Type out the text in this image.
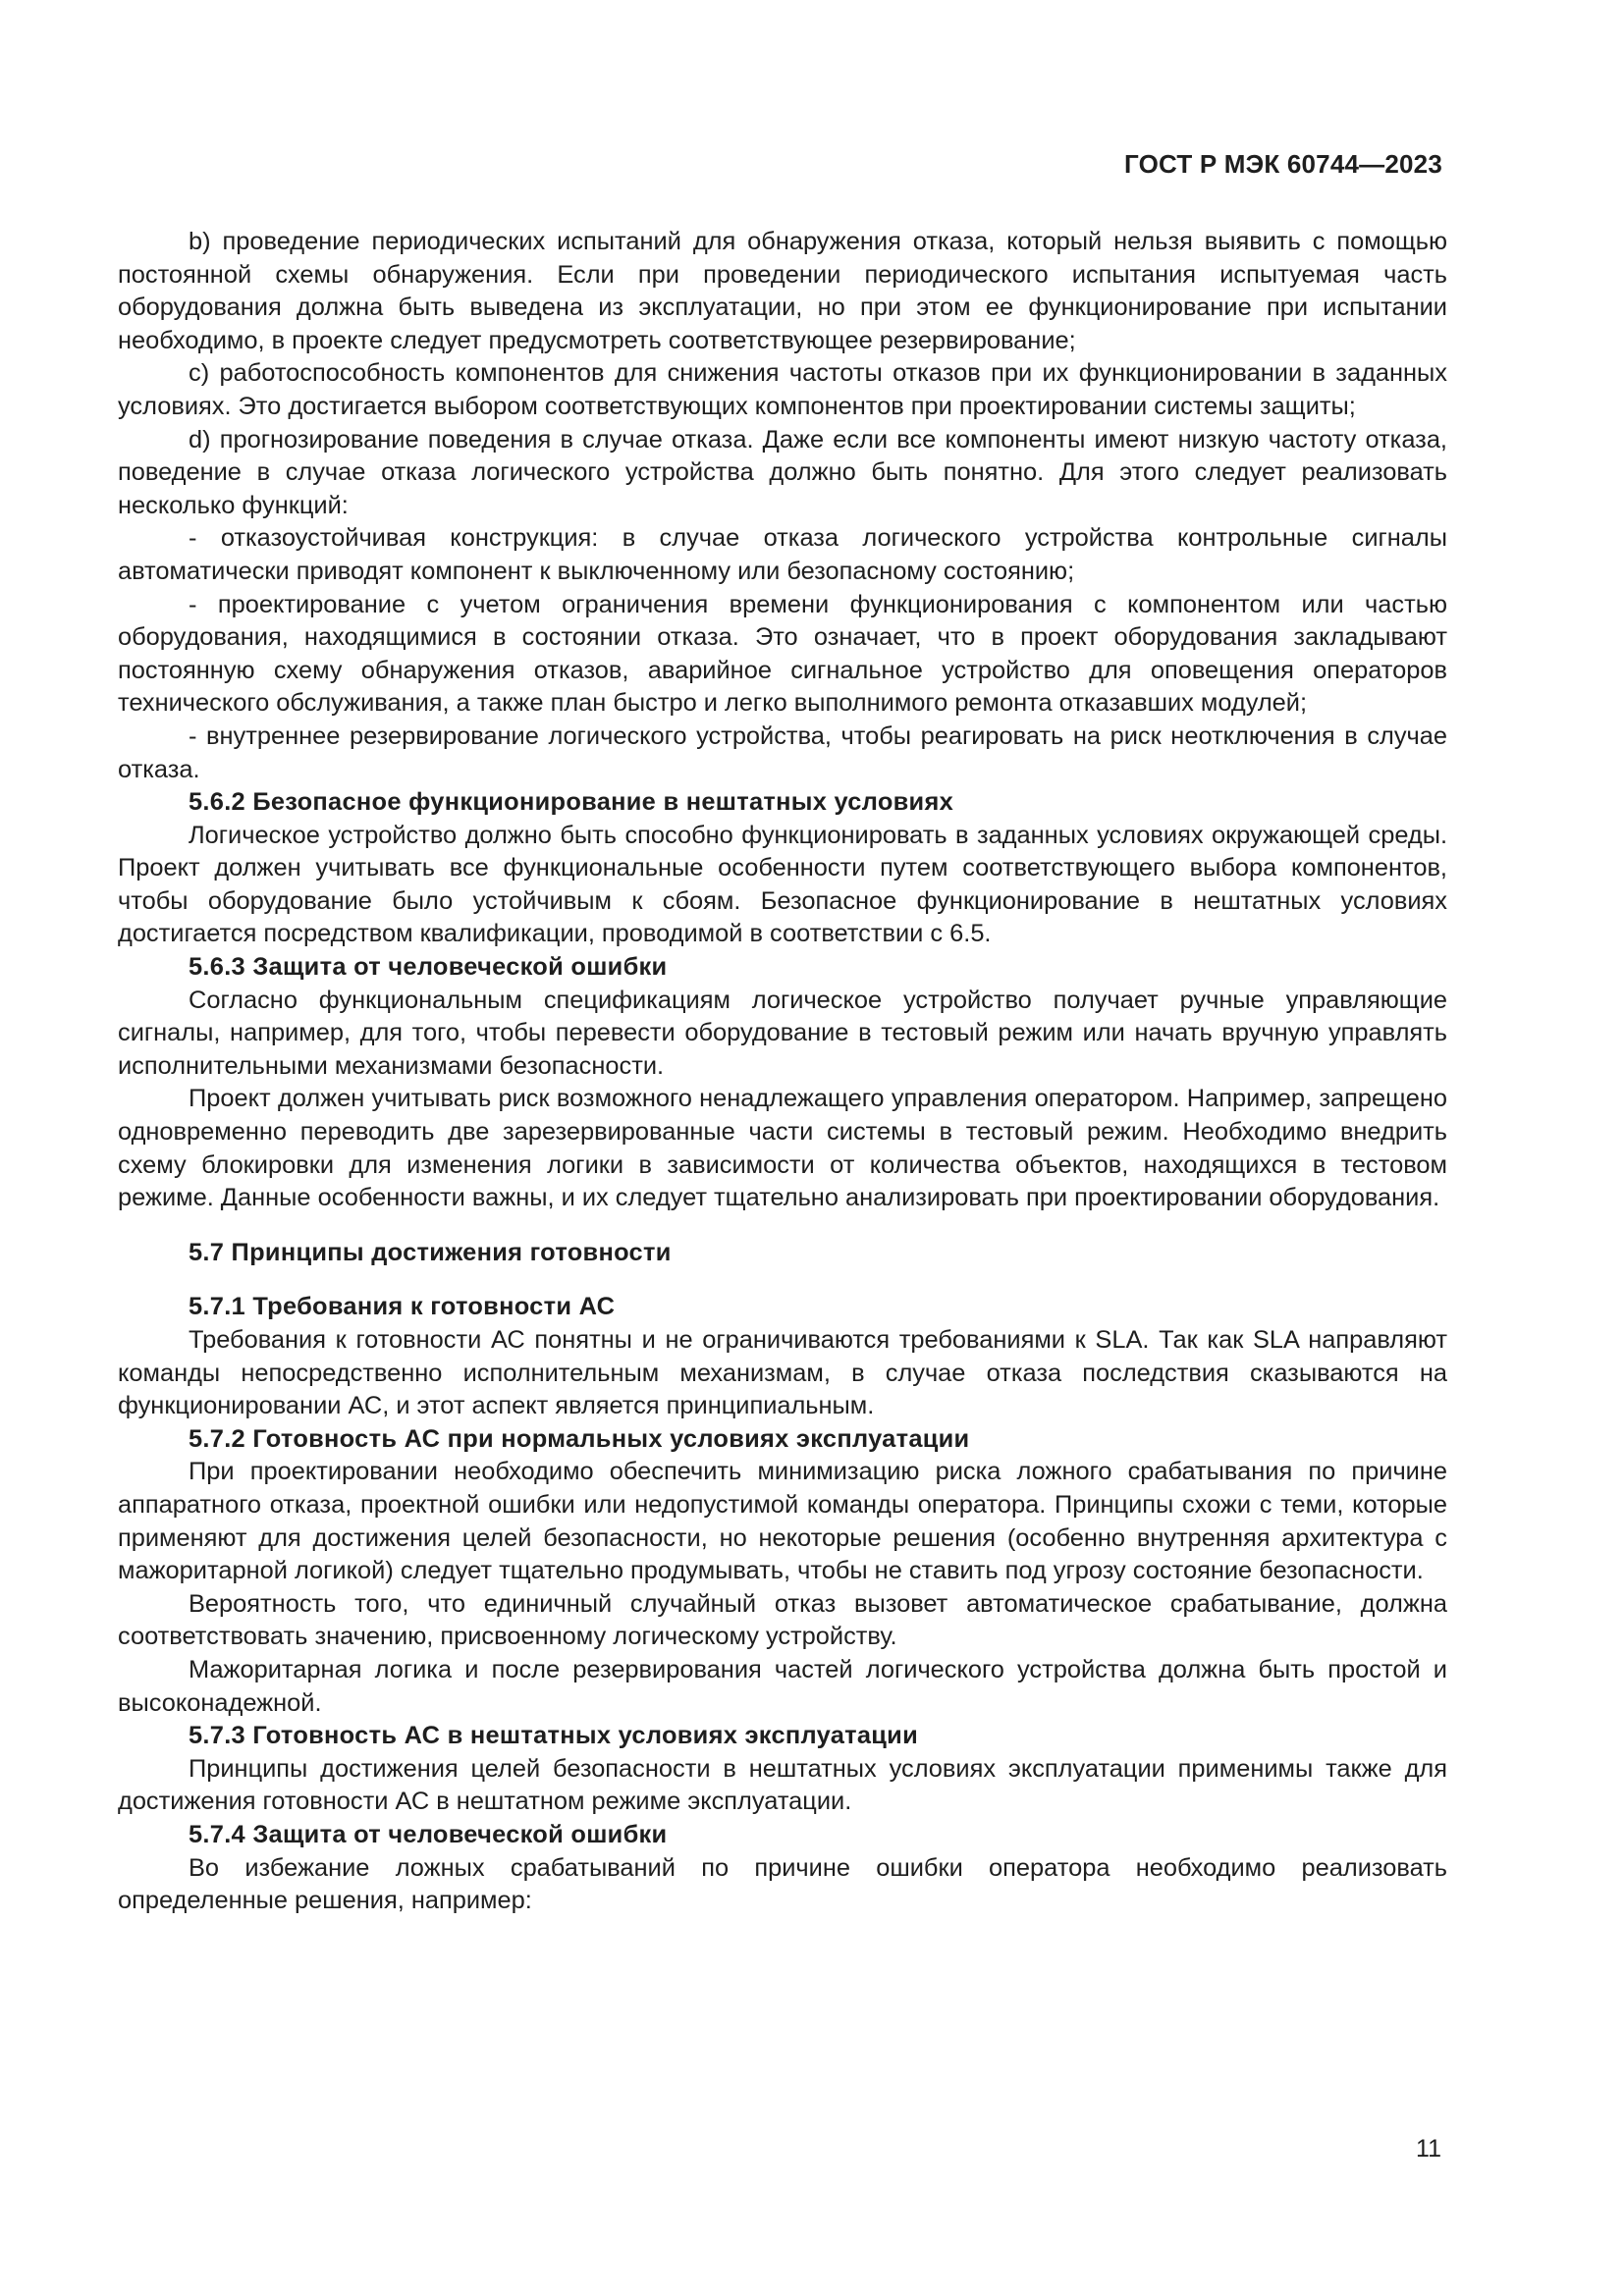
ГОСТ Р МЭК 60744—2023

b) проведение периодических испытаний для обнаружения отказа, который нельзя выявить с помощью постоянной схемы обнаружения. Если при проведении периодического испытания испытуемая часть оборудования должна быть выведена из эксплуатации, но при этом ее функционирование при испытании необходимо, в проекте следует предусмотреть соответствующее резервирование;

c) работоспособность компонентов для снижения частоты отказов при их функционировании в заданных условиях. Это достигается выбором соответствующих компонентов при проектировании системы защиты;

d) прогнозирование поведения в случае отказа. Даже если все компоненты имеют низкую частоту отказа, поведение в случае отказа логического устройства должно быть понятно. Для этого следует реализовать несколько функций:

- отказоустойчивая конструкция: в случае отказа логического устройства контрольные сигналы автоматически приводят компонент к выключенному или безопасному состоянию;

- проектирование с учетом ограничения времени функционирования с компонентом или частью оборудования, находящимися в состоянии отказа. Это означает, что в проект оборудования закладывают постоянную схему обнаружения отказов, аварийное сигнальное устройство для оповещения операторов технического обслуживания, а также план быстро и легко выполнимого ремонта отказавших модулей;

- внутреннее резервирование логического устройства, чтобы реагировать на риск неотключения в случае отказа.

5.6.2 Безопасное функционирование в нештатных условиях

Логическое устройство должно быть способно функционировать в заданных условиях окружающей среды. Проект должен учитывать все функциональные особенности путем соответствующего выбора компонентов, чтобы оборудование было устойчивым к сбоям. Безопасное функционирование в нештатных условиях достигается посредством квалификации, проводимой в соответствии с 6.5.

5.6.3 Защита от человеческой ошибки

Согласно функциональным спецификациям логическое устройство получает ручные управляющие сигналы, например, для того, чтобы перевести оборудование в тестовый режим или начать вручную управлять исполнительными механизмами безопасности.

Проект должен учитывать риск возможного ненадлежащего управления оператором. Например, запрещено одновременно переводить две зарезервированные части системы в тестовый режим. Необходимо внедрить схему блокировки для изменения логики в зависимости от количества объектов, находящихся в тестовом режиме. Данные особенности важны, и их следует тщательно анализировать при проектировании оборудования.

5.7 Принципы достижения готовности

5.7.1 Требования к готовности АС

Требования к готовности АС понятны и не ограничиваются требованиями к SLA. Так как SLA направляют команды непосредственно исполнительным механизмам, в случае отказа последствия сказываются на функционировании АС, и этот аспект является принципиальным.

5.7.2 Готовность АС при нормальных условиях эксплуатации

При проектировании необходимо обеспечить минимизацию риска ложного срабатывания по причине аппаратного отказа, проектной ошибки или недопустимой команды оператора. Принципы схожи с теми, которые применяют для достижения целей безопасности, но некоторые решения (особенно внутренняя архитектура с мажоритарной логикой) следует тщательно продумывать, чтобы не ставить под угрозу состояние безопасности.

Вероятность того, что единичный случайный отказ вызовет автоматическое срабатывание, должна соответствовать значению, присвоенному логическому устройству.

Мажоритарная логика и после резервирования частей логического устройства должна быть простой и высоконадежной.

5.7.3 Готовность АС в нештатных условиях эксплуатации

Принципы достижения целей безопасности в нештатных условиях эксплуатации применимы также для достижения готовности АС в нештатном режиме эксплуатации.

5.7.4 Защита от человеческой ошибки

Во избежание ложных срабатываний по причине ошибки оператора необходимо реализовать определенные решения, например:

11
